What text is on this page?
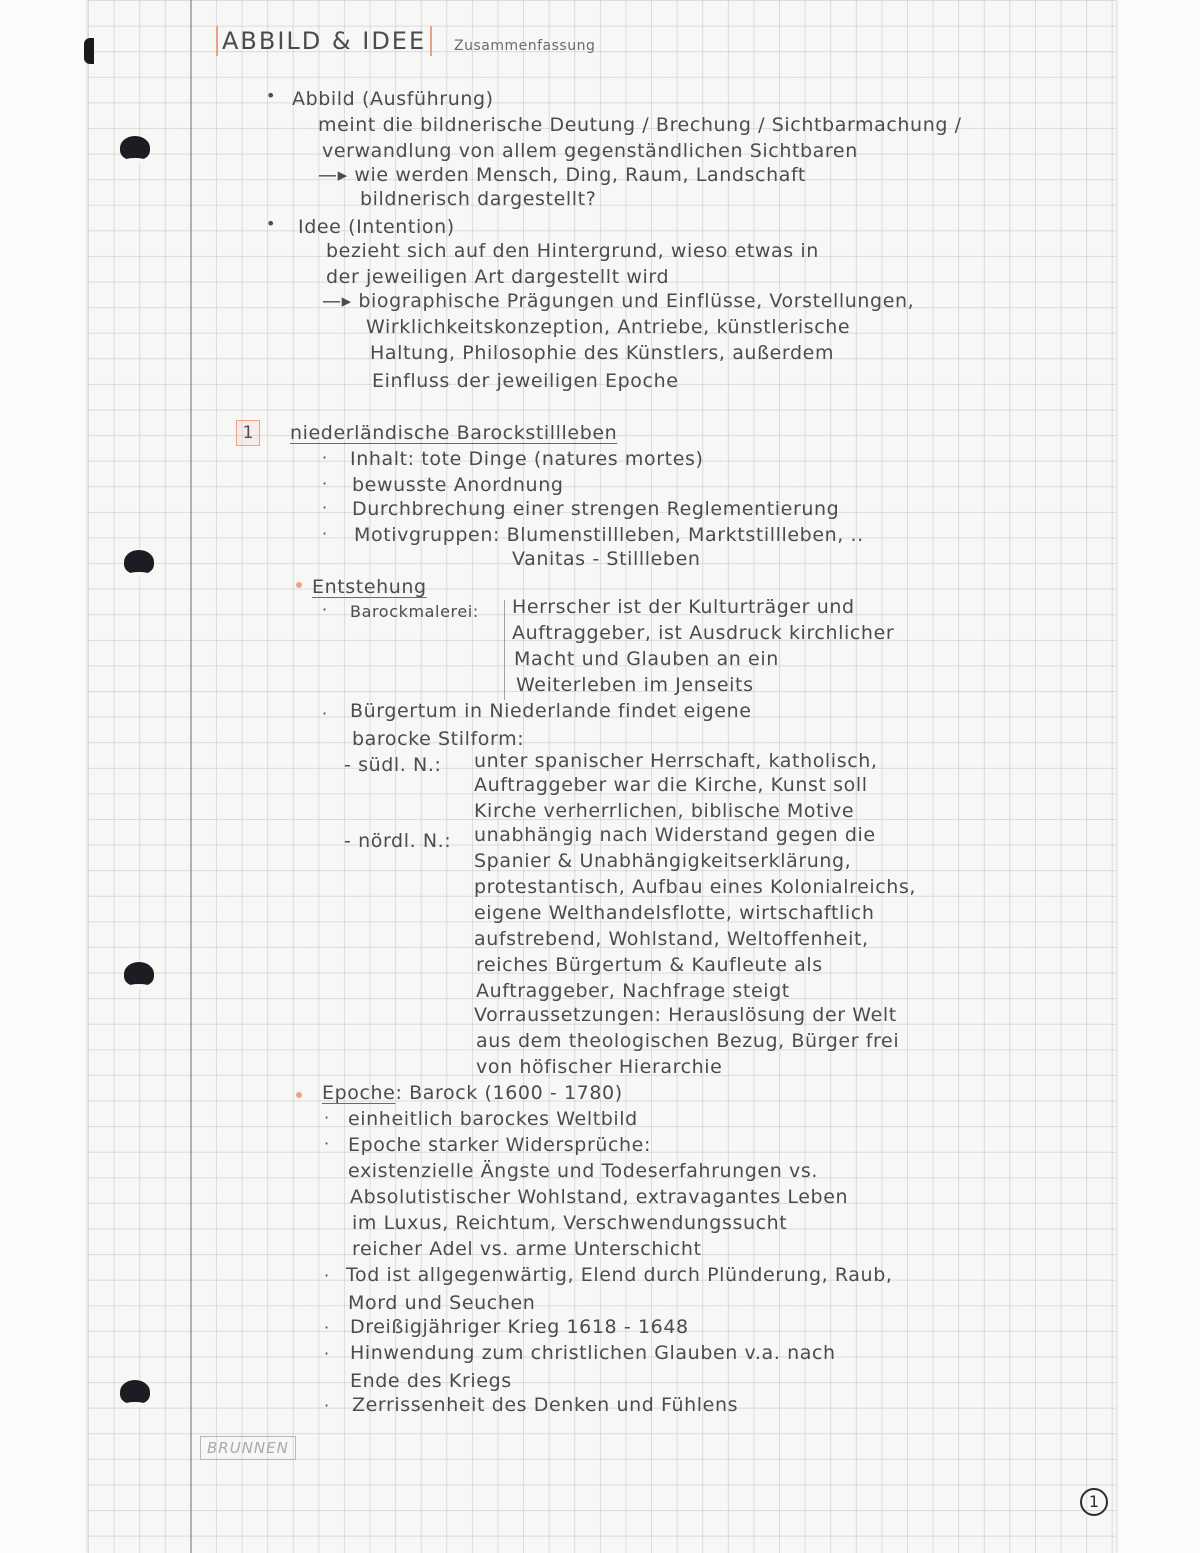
ABBILD & IDEE	Zusammenfassung
• Abbild (Ausführung)
meint die bildnerische Deutung / Brechung / Sichtbarmachung /
verwandlung von allem gegenständlichen Sichtbaren
—▸ wie werden Mensch, Ding, Raum, Landschaft
bildnerisch dargestellt?
• Idee (Intention)
bezieht sich auf den Hintergrund, wieso etwas in
der jeweiligen Art dargestellt wird
—▸ biographische Prägungen und Einflüsse, Vorstellungen,
Wirklichkeitskonzeption, Antriebe, künstlerische
Haltung, Philosophie des Künstlers, außerdem
Einfluss der jeweiligen Epoche
1	niederländische Barockstillleben
· Inhalt: tote Dinge (natures mortes)
· bewusste Anordnung
· Durchbrechung einer strengen Reglementierung
· Motivgruppen: Blumenstillleben, Marktstillleben, ..
Vanitas - Stillleben
Entstehung
· Barockmalerei: Herrscher ist der Kulturträger und
Auftraggeber, ist Ausdruck kirchlicher
Macht und Glauben an ein
Weiterleben im Jenseits
· Bürgertum in Niederlande findet eigene
barocke Stilform:
- südl. N.: unter spanischer Herrschaft, katholisch,
Auftraggeber war die Kirche, Kunst soll
Kirche verherrlichen, biblische Motive
- nördl. N.: unabhängig nach Widerstand gegen die
Spanier & Unabhängigkeitserklärung,
protestantisch, Aufbau eines Kolonialreichs,
eigene Welthandelsflotte, wirtschaftlich
aufstrebend, Wohlstand, Weltoffenheit,
reiches Bürgertum & Kaufleute als
Auftraggeber, Nachfrage steigt
Vorraussetzungen: Herauslösung der Welt
aus dem theologischen Bezug, Bürger frei
von höfischer Hierarchie
Epoche: Barock (1600 - 1780)
· einheitlich barockes Weltbild
· Epoche starker Widersprüche:
existenzielle Ängste und Todeserfahrungen vs.
Absolutistischer Wohlstand, extravagantes Leben
im Luxus, Reichtum, Verschwendungssucht
reicher Adel vs. arme Unterschicht
· Tod ist allgegenwärtig, Elend durch Plünderung, Raub,
Mord und Seuchen
· Dreißigjähriger Krieg 1618 - 1648
· Hinwendung zum christlichen Glauben v.a. nach
Ende des Kriegs
· Zerrissenheit des Denken und Fühlens
BRUNNEN
1
